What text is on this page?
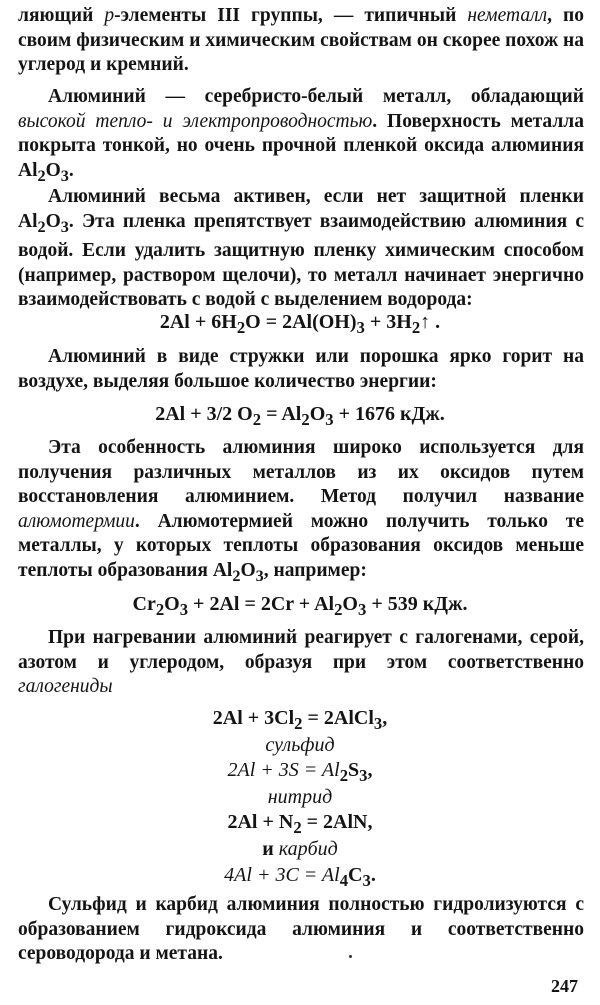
ляющий p-элементы III группы, — типичный неметалл, по своим физическим и химическим свойствам он скорее похож на углерод и кремний.
Алюминий — серебристо-белый металл, обладающий высокой тепло- и электропроводностью. Поверхность металла покрыта тонкой, но очень прочной пленкой оксида алюминия $Al_2O_3$.
Алюминий весьма активен, если нет защитной пленки $Al_2O_3$. Эта пленка препятствует взаимодействию алюминия с водой. Если удалить защитную пленку химическим способом (например, раствором щелочи), то металл начинает энергично взаимодействовать с водой с выделением водорода:
$2Al + 6H_2O = 2Al(OH)_3$ + $3H_2↑$ .
Алюминий в виде стружки или порошка ярко горит на воздухе, выделяя большое количество энергии:
2Al + 3/2 $O_2 = Al_2O_3 + 1676$ кДж.
Эта особенность алюминия широко используется для получения различных металлов из их оксидов путем восстановления алюминием. Метод получил название алюмотермии. Алюмотермией можно получить только те металлы, у которых теплоты образования оксидов меньше теплоты образования $Al_2O_3$, например:
$Cr_2O_3 + 2Al = 2Cr + Al_2O_3 + 539$ кДж.
При нагревании алюминий реагирует с галогенами, серой, азотом и углеродом, образуя при этом соответственно галогениды
$2Al + 3Cl_2$ = 2AlCl$_3$,
сульфид
$2Al + 3S = Al_2S_3$,
нитрид
$2Al + N_2 = 2AlN$,
и карбид
$4Al + 3C = Al_4C_3$.
Сульфид и карбид алюминия полностью гидролизуются с образованием гидроксида алюминия и соответственно сероводорода и метана.
247
